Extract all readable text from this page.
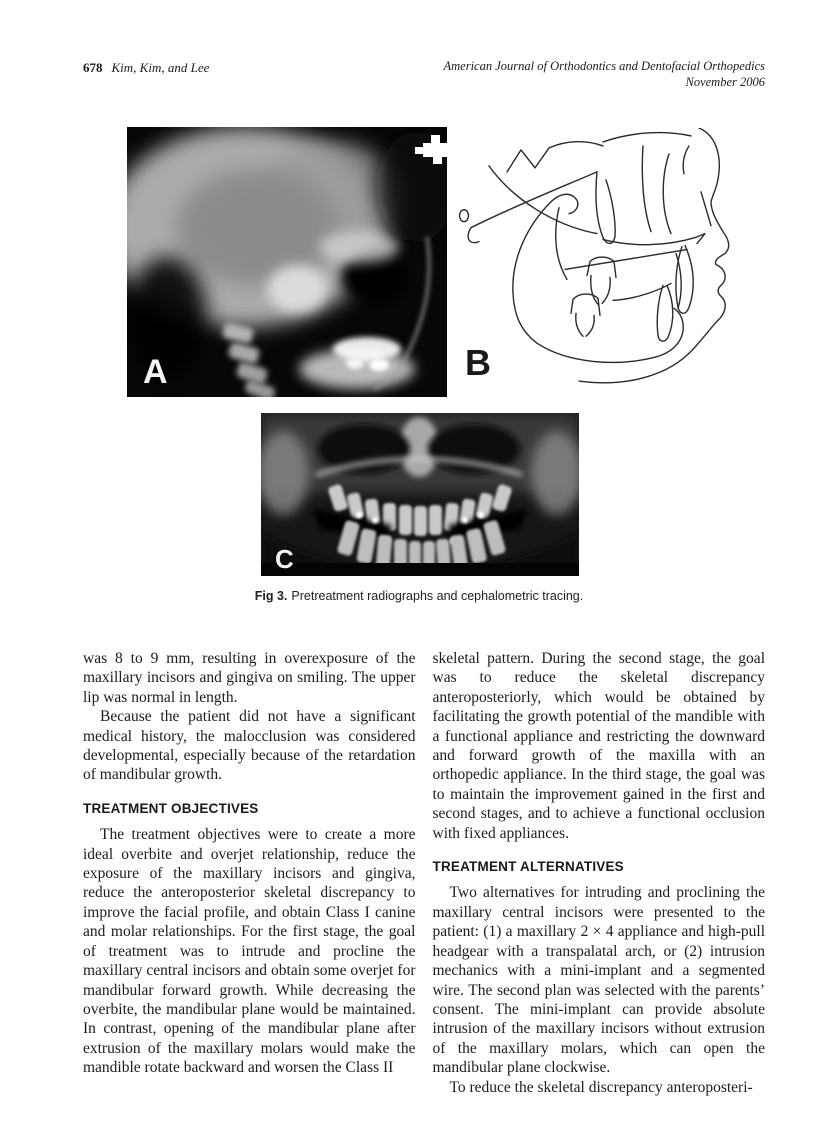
678 Kim, Kim, and Lee	American Journal of Orthodontics and Dentofacial Orthopedics
November 2006
A	B
C
Fig 3. Pretreatment radiographs and cephalometric tracing.

was 8 to 9 mm, resulting in overexposure of the maxillary incisors and gingiva on smiling. The upper lip was normal in length.

Because the patient did not have a significant medical history, the malocclusion was considered developmental, especially because of the retardation of mandibular growth.

TREATMENT OBJECTIVES

The treatment objectives were to create a more ideal overbite and overjet relationship, reduce the exposure of the maxillary incisors and gingiva, reduce the anteroposterior skeletal discrepancy to improve the facial profile, and obtain Class I canine and molar relationships. For the first stage, the goal of treatment was to intrude and procline the maxillary central incisors and obtain some overjet for mandibular forward growth. While decreasing the overbite, the mandibular plane would be maintained. In contrast, opening of the mandibular plane after extrusion of the maxillary molars would make the mandible rotate backward and worsen the Class II

skeletal pattern. During the second stage, the goal was to reduce the skeletal discrepancy anteroposteriorly, which would be obtained by facilitating the growth potential of the mandible with a functional appliance and restricting the downward and forward growth of the maxilla with an orthopedic appliance. In the third stage, the goal was to maintain the improvement gained in the first and second stages, and to achieve a functional occlusion with fixed appliances.

TREATMENT ALTERNATIVES

Two alternatives for intruding and proclining the maxillary central incisors were presented to the patient: (1) a maxillary 2 × 4 appliance and high-pull headgear with a transpalatal arch, or (2) intrusion mechanics with a mini-implant and a segmented wire. The second plan was selected with the parents’ consent. The mini-implant can provide absolute intrusion of the maxillary incisors without extrusion of the maxillary molars, which can open the mandibular plane clockwise.

To reduce the skeletal discrepancy anteroposteri-
